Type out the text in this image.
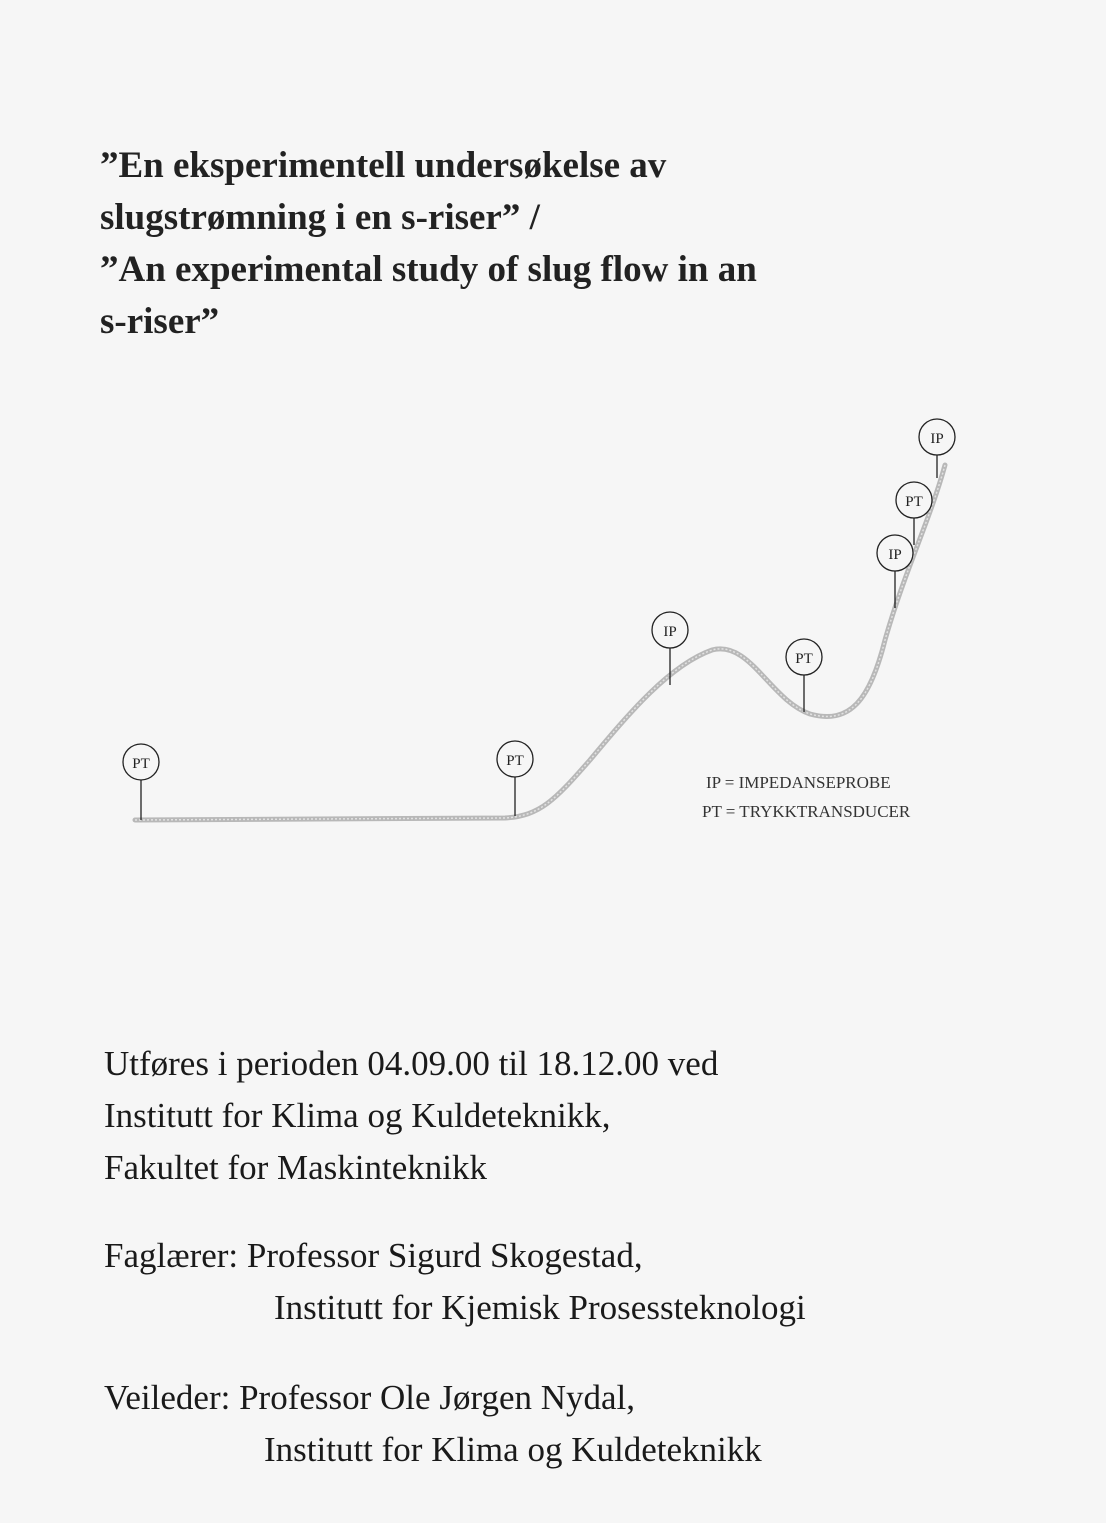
”En eksperimentell undersøkelse av
slugstrømning i en s-riser” /
”An experimental study of slug flow in an
s-riser”
PT	PT
IP
PT
IP
PT
IP
IP = IMPEDANSEPROBE
PT = TRYKKTRANSDUCER
Utføres i perioden 04.09.00 til 18.12.00 ved
Institutt for Klima og Kuldeteknikk,
Fakultet for Maskinteknikk
Faglærer: Professor Sigurd Skogestad,
Institutt for Kjemisk Prosessteknologi
Veileder: Professor Ole Jørgen Nydal,
Institutt for Klima og Kuldeteknikk
